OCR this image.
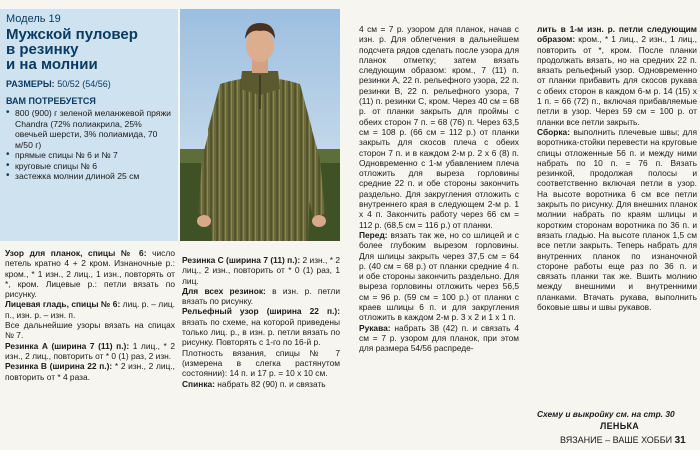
Модель 19
Мужской пуловер
в резинку
и на молнии
РАЗМЕРЫ: 50/52 (54/56)
ВАМ ПОТРЕБУЕТСЯ
• 800 (900) г зеленой меланжевой пряжи Chandra (72% полиакрила, 25% овечьей шерсти, 3% полиамида, 70 м/50 г)
• прямые спицы № 6 и № 7
• круговые спицы № 6
• застежка молнии длиной 25 см

Узор для планок, спицы № 6: число петель кратно 4 + 2 кром. Изнаночные р.: кром., * 1 изн., 2 лиц., 1 изн., повторять от *, кром. Лицевые р.: петли вязать по рисунку.

Лицевая гладь, спицы № 6: лиц. р. – лиц. п., изн. р. – изн. п.

Все дальнейшие узоры вязать на спицах № 7.

Резинка А (ширина 7 (11) п.): 1 лиц., * 2 изн., 2 лиц., повторить от * 0 (1) раз, 2 изн.

Резинка В (ширина 22 п.): * 2 изн., 2 лиц., повторить от * 4 раза.

Резинка С (ширина 7 (11) п.): 2 изн., * 2 лиц., 2 изн., повторить от * 0 (1) раз, 1 лиц.

Для всех резинок: в изн. р. петли вязать по рисунку.

Рельефный узор (ширина 22 п.): вязать по схеме, на которой приведены только лиц. р., в изн. р. петли вязать по рисунку. Повторять с 1-го по 16-й р.

Плотность вязания, спицы № 7 (измерена в слегка растянутом состоянии): 14 п. и 17 р. = 10 х 10 см.

Спинка: набрать 82 (90) п. и связать

4 см = 7 р. узором для планок, начав с изн. р. Для облегчения в дальнейшем подсчета рядов сделать после узора для планок отметку; затем вязать следующим образом: кром., 7 (11) п. резинки А, 22 п. рельефного узора, 22 п. резинки В, 22 п. рельефного узора, 7 (11) п. резинки С, кром. Через 40 см = 68 р. от планки закрыть для проймы с обеих сторон 7 п. = 68 (76) п. Через 63,5 см = 108 р. (66 см = 112 р.) от планки закрыть для скосов плеча с обеих сторон 7 п. и в каждом 2-м р. 2 х 6 (8) п. Одновременно с 1-м убавлением плеча отложить для выреза горловины средние 22 п. и обе стороны закончить раздельно. Для закругления отложить с внутреннего края в следующем 2-м р. 1 х 4 п. Закончить работу через 66 см = 112 р. (68,5 см = 116 р.) от планки.

Перед: вязать так же, но со шлицей и с более глубоким вырезом горловины. Для шлицы закрыть через 37,5 см = 64 р. (40 см = 68 р.) от планки средние 4 п. и обе стороны закончить раздельно. Для выреза горловины отложить через 56,5 см = 96 р. (59 см = 100 р.) от планки с краев шлицы 6 п. и для закругления отложить в каждом 2-м р. 3 х 2 и 1 х 1 п.

Рукава: набрать 38 (42) п. и связать 4 см = 7 р. узором для планок, при этом для размера 54/56 распреде-

лить в 1-м изн. р. петли следующим образом: кром., * 1 лиц., 2 изн., 1 лиц., повторить от *, кром. После планки продолжать вязать, но на средних 22 п. вязать рельефный узор. Одновременно от планки прибавить для скосов рукава с обеих сторон в каждом 6-м р. 14 (15) х 1 п. = 66 (72) п., включая прибавляемые петли в узор. Через 59 см = 100 р. от планки все петли закрыть.

Сборка: выполнить плечевые швы; для воротника-стойки перевести на круговые спицы отложенные 56 п. и между ними набрать по 10 п. = 76 п. Вязать резинкой, продолжая полосы и соответственно включая петли в узор. На высоте воротника 6 см все петли закрыть по рисунку. Для внешних планок молнии набрать по краям шлицы и коротким сторонам воротника по 36 п. и вязать гладью. На высоте планок 1,5 см все петли закрыть. Теперь набрать для внутренних планок по изнаночной стороне работы еще раз по 36 п. и связать планки так же. Вшить молнию между внешними и внутренними планками. Втачать рукава, выполнить боковые швы и швы рукавов.

Схему и выкройку см. на стр. 30
ЛЕНЬКА
ВЯЗАНИЕ – ВАШЕ ХОББИ 31
